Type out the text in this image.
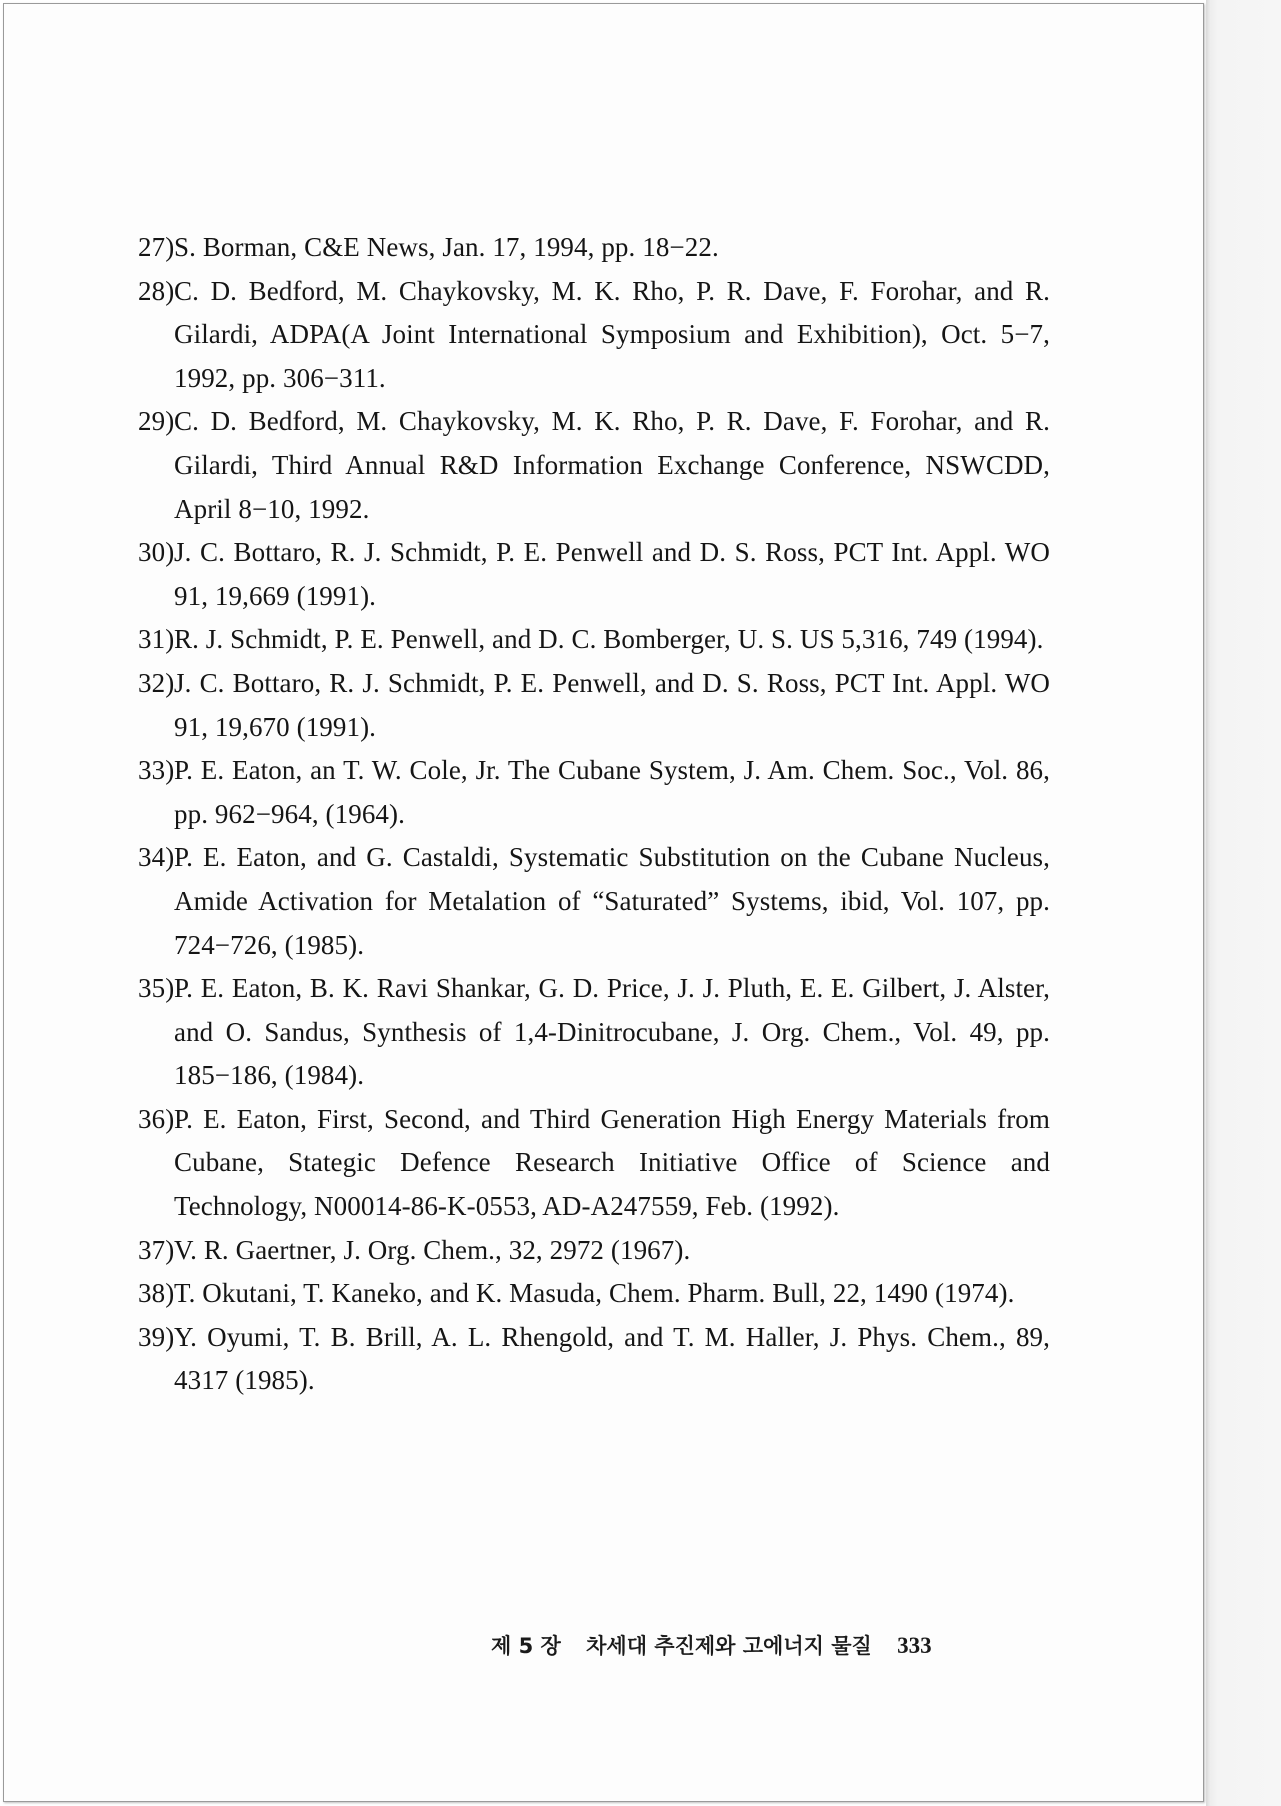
27) S. Borman, C&E News, Jan. 17, 1994, pp. 18−22.

28) C. D. Bedford, M. Chaykovsky, M. K. Rho, P. R. Dave, F. Forohar, and R. Gilardi, ADPA(A Joint International Symposium and Exhibition), Oct. 5−7, 1992, pp. 306−311.

29) C. D. Bedford, M. Chaykovsky, M. K. Rho, P. R. Dave, F. Forohar, and R. Gilardi, Third Annual R&D Information Exchange Conference, NSWCDD, April 8−10, 1992.

30) J. C. Bottaro, R. J. Schmidt, P. E. Penwell and D. S. Ross, PCT Int. Appl. WO 91, 19,669 (1991).

31) R. J. Schmidt, P. E. Penwell, and D. C. Bomberger, U. S. US 5,316, 749 (1994).

32) J. C. Bottaro, R. J. Schmidt, P. E. Penwell, and D. S. Ross, PCT Int. Appl. WO 91, 19,670 (1991).

33) P. E. Eaton, an T. W. Cole, Jr. The Cubane System, J. Am. Chem. Soc., Vol. 86, pp. 962−964, (1964).

34) P. E. Eaton, and G. Castaldi, Systematic Substitution on the Cubane Nucleus, Amide Activation for Metalation of “Saturated” Systems, ibid, Vol. 107, pp. 724−726, (1985).

35) P. E. Eaton, B. K. Ravi Shankar, G. D. Price, J. J. Pluth, E. E. Gilbert, J. Alster, and O. Sandus, Synthesis of 1,4-Dinitrocubane, J. Org. Chem., Vol. 49, pp. 185−186, (1984).

36) P. E. Eaton, First, Second, and Third Generation High Energy Materials from Cubane, Stategic Defence Research Initiative Office of Science and Technology, N00014-86-K-0553, AD-A247559, Feb. (1992).

37) V. R. Gaertner, J. Org. Chem., 32, 2972 (1967).

38) T. Okutani, T. Kaneko, and K. Masuda, Chem. Pharm. Bull, 22, 1490 (1974).

39) Y. Oyumi, T. B. Brill, A. L. Rhengold, and T. M. Haller, J. Phys. Chem., 89, 4317 (1985).

제 5 장 차세대 추진제와 고에너지 물질 333
